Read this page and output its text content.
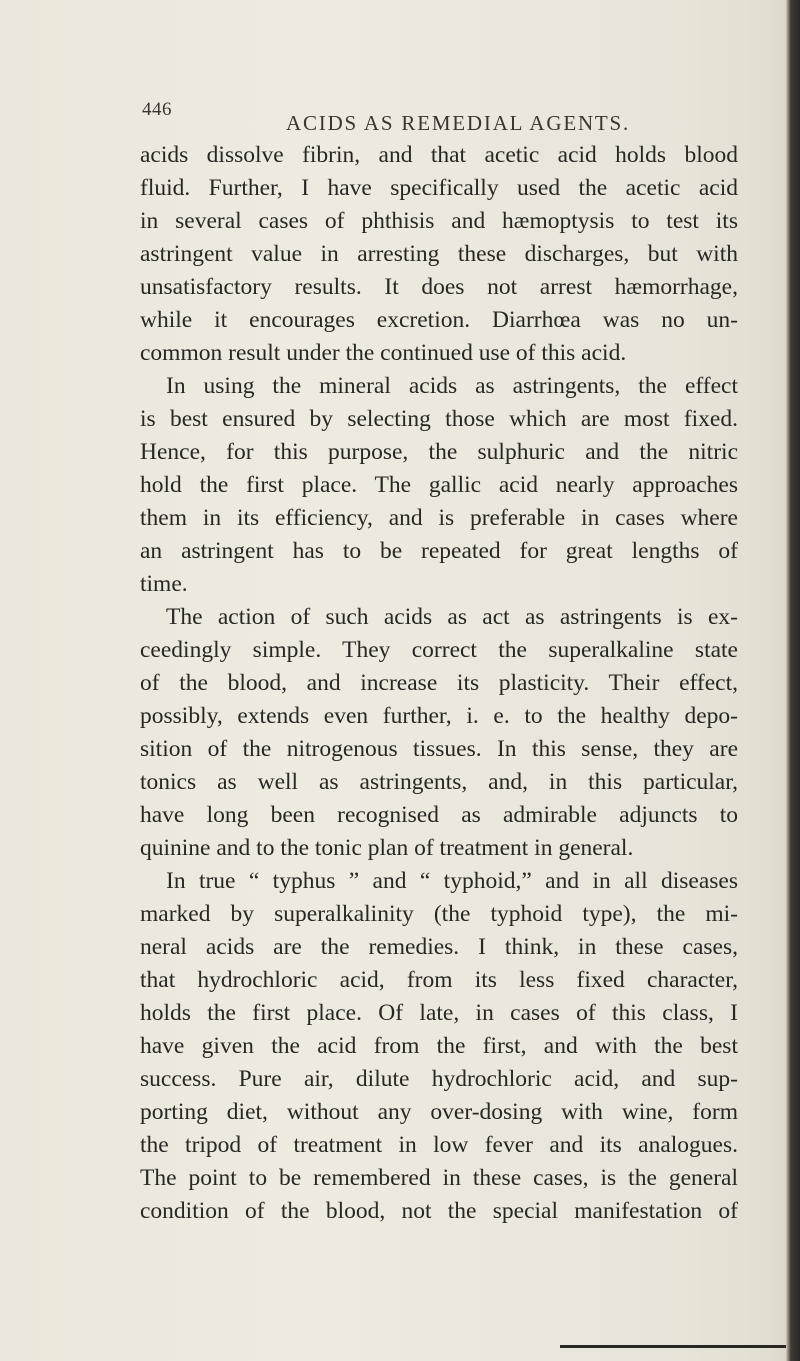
446
ACIDS AS REMEDIAL AGENTS.
acids dissolve fibrin, and that acetic acid holds blood
fluid. Further, I have specifically used the acetic acid
in several cases of phthisis and hæmoptysis to test its
astringent value in arresting these discharges, but with
unsatisfactory results. It does not arrest hæmorrhage,
while it encourages excretion. Diarrhœa was no un-
common result under the continued use of this acid.
In using the mineral acids as astringents, the effect
is best ensured by selecting those which are most fixed.
Hence, for this purpose, the sulphuric and the nitric
hold the first place. The gallic acid nearly approaches
them in its efficiency, and is preferable in cases where
an astringent has to be repeated for great lengths of
time.
The action of such acids as act as astringents is ex-
ceedingly simple. They correct the superalkaline state
of the blood, and increase its plasticity. Their effect,
possibly, extends even further, i. e. to the healthy depo-
sition of the nitrogenous tissues. In this sense, they are
tonics as well as astringents, and, in this particular,
have long been recognised as admirable adjuncts to
quinine and to the tonic plan of treatment in general.
In true “ typhus ” and “ typhoid,” and in all diseases
marked by superalkalinity (the typhoid type), the mi-
neral acids are the remedies. I think, in these cases,
that hydrochloric acid, from its less fixed character,
holds the first place. Of late, in cases of this class, I
have given the acid from the first, and with the best
success. Pure air, dilute hydrochloric acid, and sup-
porting diet, without any over-dosing with wine, form
the tripod of treatment in low fever and its analogues.
The point to be remembered in these cases, is the general
condition of the blood, not the special manifestation of
